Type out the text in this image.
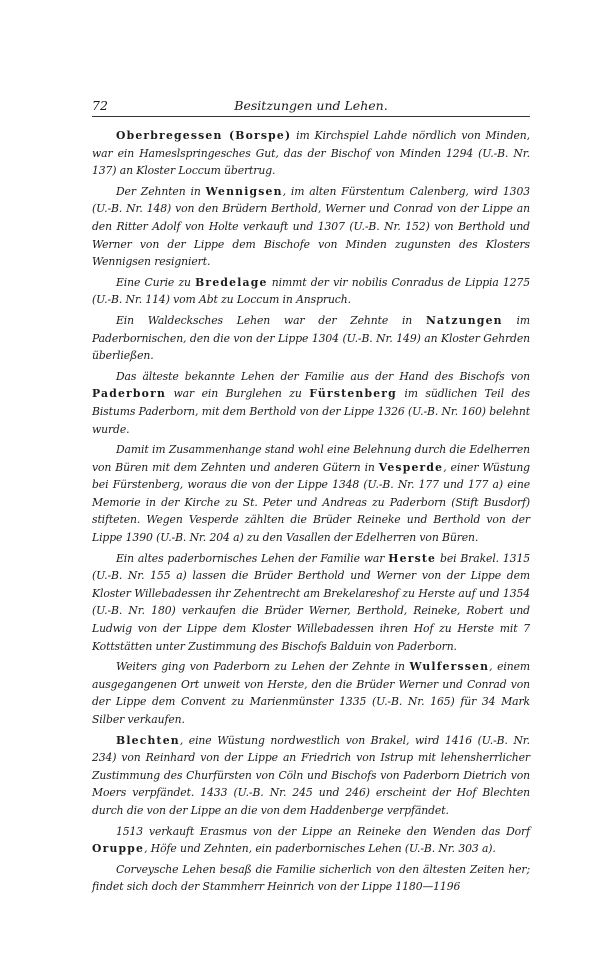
72	Besitzungen und Lehen.

Oberbregessen (Borspe) im Kirchspiel Lahde nördlich von Minden, war ein Hameslspringesches Gut, das der Bischof von Minden 1294 (U.-B. Nr. 137) an Kloster Loccum übertrug.

Der Zehnten in Wennigsen, im alten Fürstentum Calenberg, wird 1303 (U.-B. Nr. 148) von den Brüdern Berthold, Werner und Conrad von der Lippe an den Ritter Adolf von Holte verkauft und 1307 (U.-B. Nr. 152) von Berthold und Werner von der Lippe dem Bischofe von Minden zugunsten des Klosters Wennigsen resigniert.

Eine Curie zu Bredelage nimmt der vir nobilis Conradus de Lippia 1275 (U.-B. Nr. 114) vom Abt zu Loccum in Anspruch.

Ein Waldecksches Lehen war der Zehnte in Natzungen im Paderbornischen, den die von der Lippe 1304 (U.-B. Nr. 149) an Kloster Gehrden überließen.

Das älteste bekannte Lehen der Familie aus der Hand des Bischofs von Paderborn war ein Burglehen zu Fürstenberg im südlichen Teil des Bistums Paderborn, mit dem Berthold von der Lippe 1326 (U.-B. Nr. 160) belehnt wurde.

Damit im Zusammenhange stand wohl eine Belehnung durch die Edelherren von Büren mit dem Zehnten und anderen Gütern in Vesperde, einer Wüstung bei Fürstenberg, woraus die von der Lippe 1348 (U.-B. Nr. 177 und 177 a) eine Memorie in der Kirche zu St. Peter und Andreas zu Paderborn (Stift Busdorf) stifteten. Wegen Vesperde zählten die Brüder Reineke und Berthold von der Lippe 1390 (U.-B. Nr. 204 a) zu den Vasallen der Edelherren von Büren.

Ein altes paderbornisches Lehen der Familie war Herste bei Brakel. 1315 (U.-B. Nr. 155 a) lassen die Brüder Berthold und Werner von der Lippe dem Kloster Willebadessen ihr Zehentrecht am Brekelareshof zu Herste auf und 1354 (U.-B. Nr. 180) verkaufen die Brüder Werner, Berthold, Reineke, Robert und Ludwig von der Lippe dem Kloster Willebadessen ihren Hof zu Herste mit 7 Kottstätten unter Zustimmung des Bischofs Balduin von Paderborn.

Weiters ging von Paderborn zu Lehen der Zehnte in Wulferssen, einem ausgegangenen Ort unweit von Herste, den die Brüder Werner und Conrad von der Lippe dem Convent zu Marienmünster 1335 (U.-B. Nr. 165) für 34 Mark Silber verkaufen.

Blechten, eine Wüstung nordwestlich von Brakel, wird 1416 (U.-B. Nr. 234) von Reinhard von der Lippe an Friedrich von Istrup mit lehensherrlicher Zustimmung des Churfürsten von Cöln und Bischofs von Paderborn Dietrich von Moers verpfändet. 1433 (U.-B. Nr. 245 und 246) erscheint der Hof Blechten durch die von der Lippe an die von dem Haddenberge verpfändet.

1513 verkauft Erasmus von der Lippe an Reineke den Wenden das Dorf Oruppe, Höfe und Zehnten, ein paderbornisches Lehen (U.-B. Nr. 303 a).

Corveysche Lehen besaß die Familie sicherlich von den ältesten Zeiten her; findet sich doch der Stammherr Heinrich von der Lippe 1180—1196
